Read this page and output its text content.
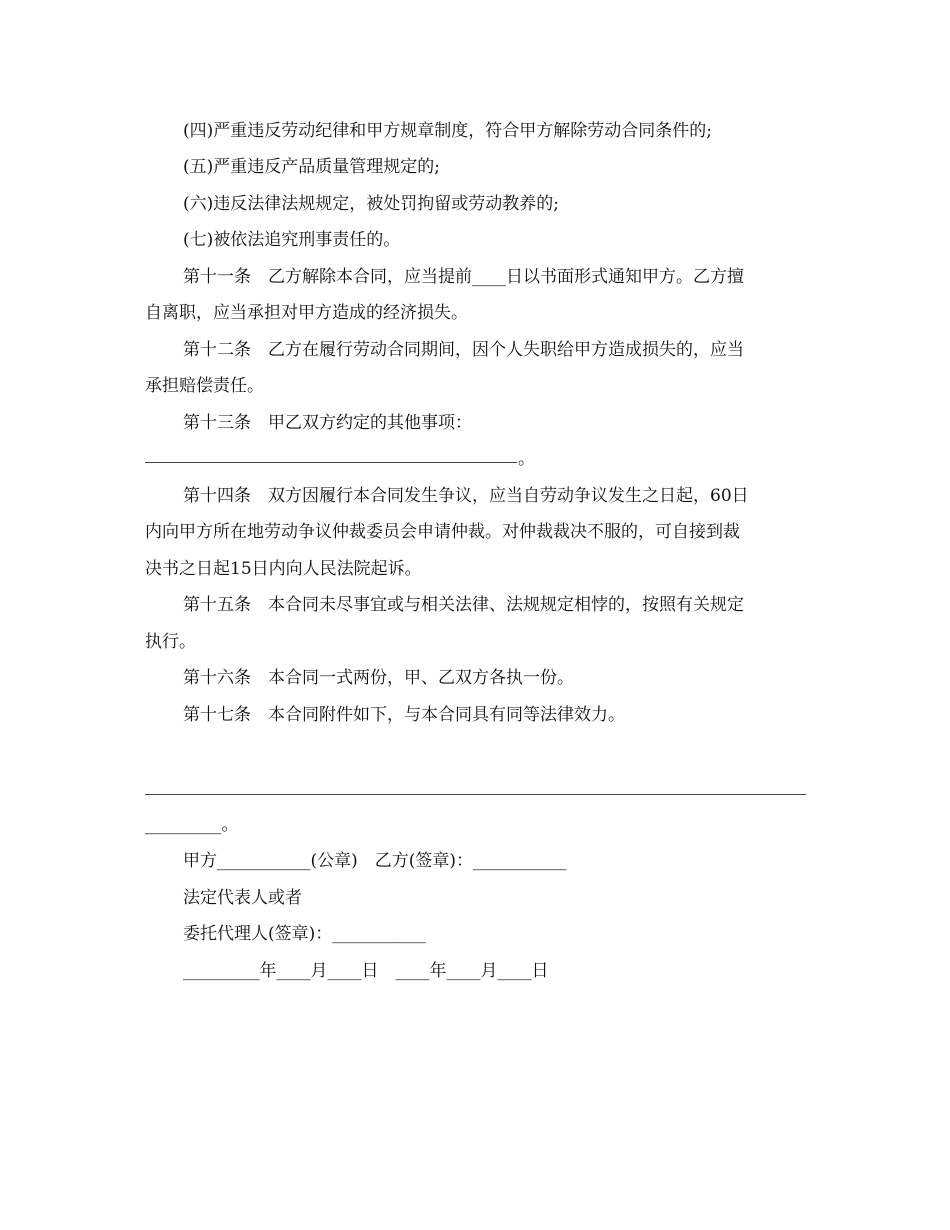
(四)严重违反劳动纪律和甲方规章制度，符合甲方解除劳动合同条件的;
(五)严重违反产品质量管理规定的;
(六)违反法律法规规定，被处罚拘留或劳动教养的;
(七)被依法追究刑事责任的。
第十一条　乙方解除本合同，应当提前____日以书面形式通知甲方。乙方擅
自离职，应当承担对甲方造成的经济损失。
第十二条　乙方在履行劳动合同期间，因个人失职给甲方造成损失的，应当
承担赔偿责任。
第十三条　甲乙双方约定的其他事项：
。
第十四条　双方因履行本合同发生争议，应当自劳动争议发生之日起，60日
内向甲方所在地劳动争议仲裁委员会申请仲裁。对仲裁裁决不服的，可自接到裁
决书之日起15日内向人民法院起诉。
第十五条　本合同未尽事宜或与相关法律、法规规定相悖的，按照有关规定
执行。
第十六条　本合同一式两份，甲、乙双方各执一份。
第十七条　本合同附件如下，与本合同具有同等法律效力。
_________。
甲方___________(公章)　乙方(签章)：___________
法定代表人或者
委托代理人(签章)：___________
_________年____月____日　____年____月____日
